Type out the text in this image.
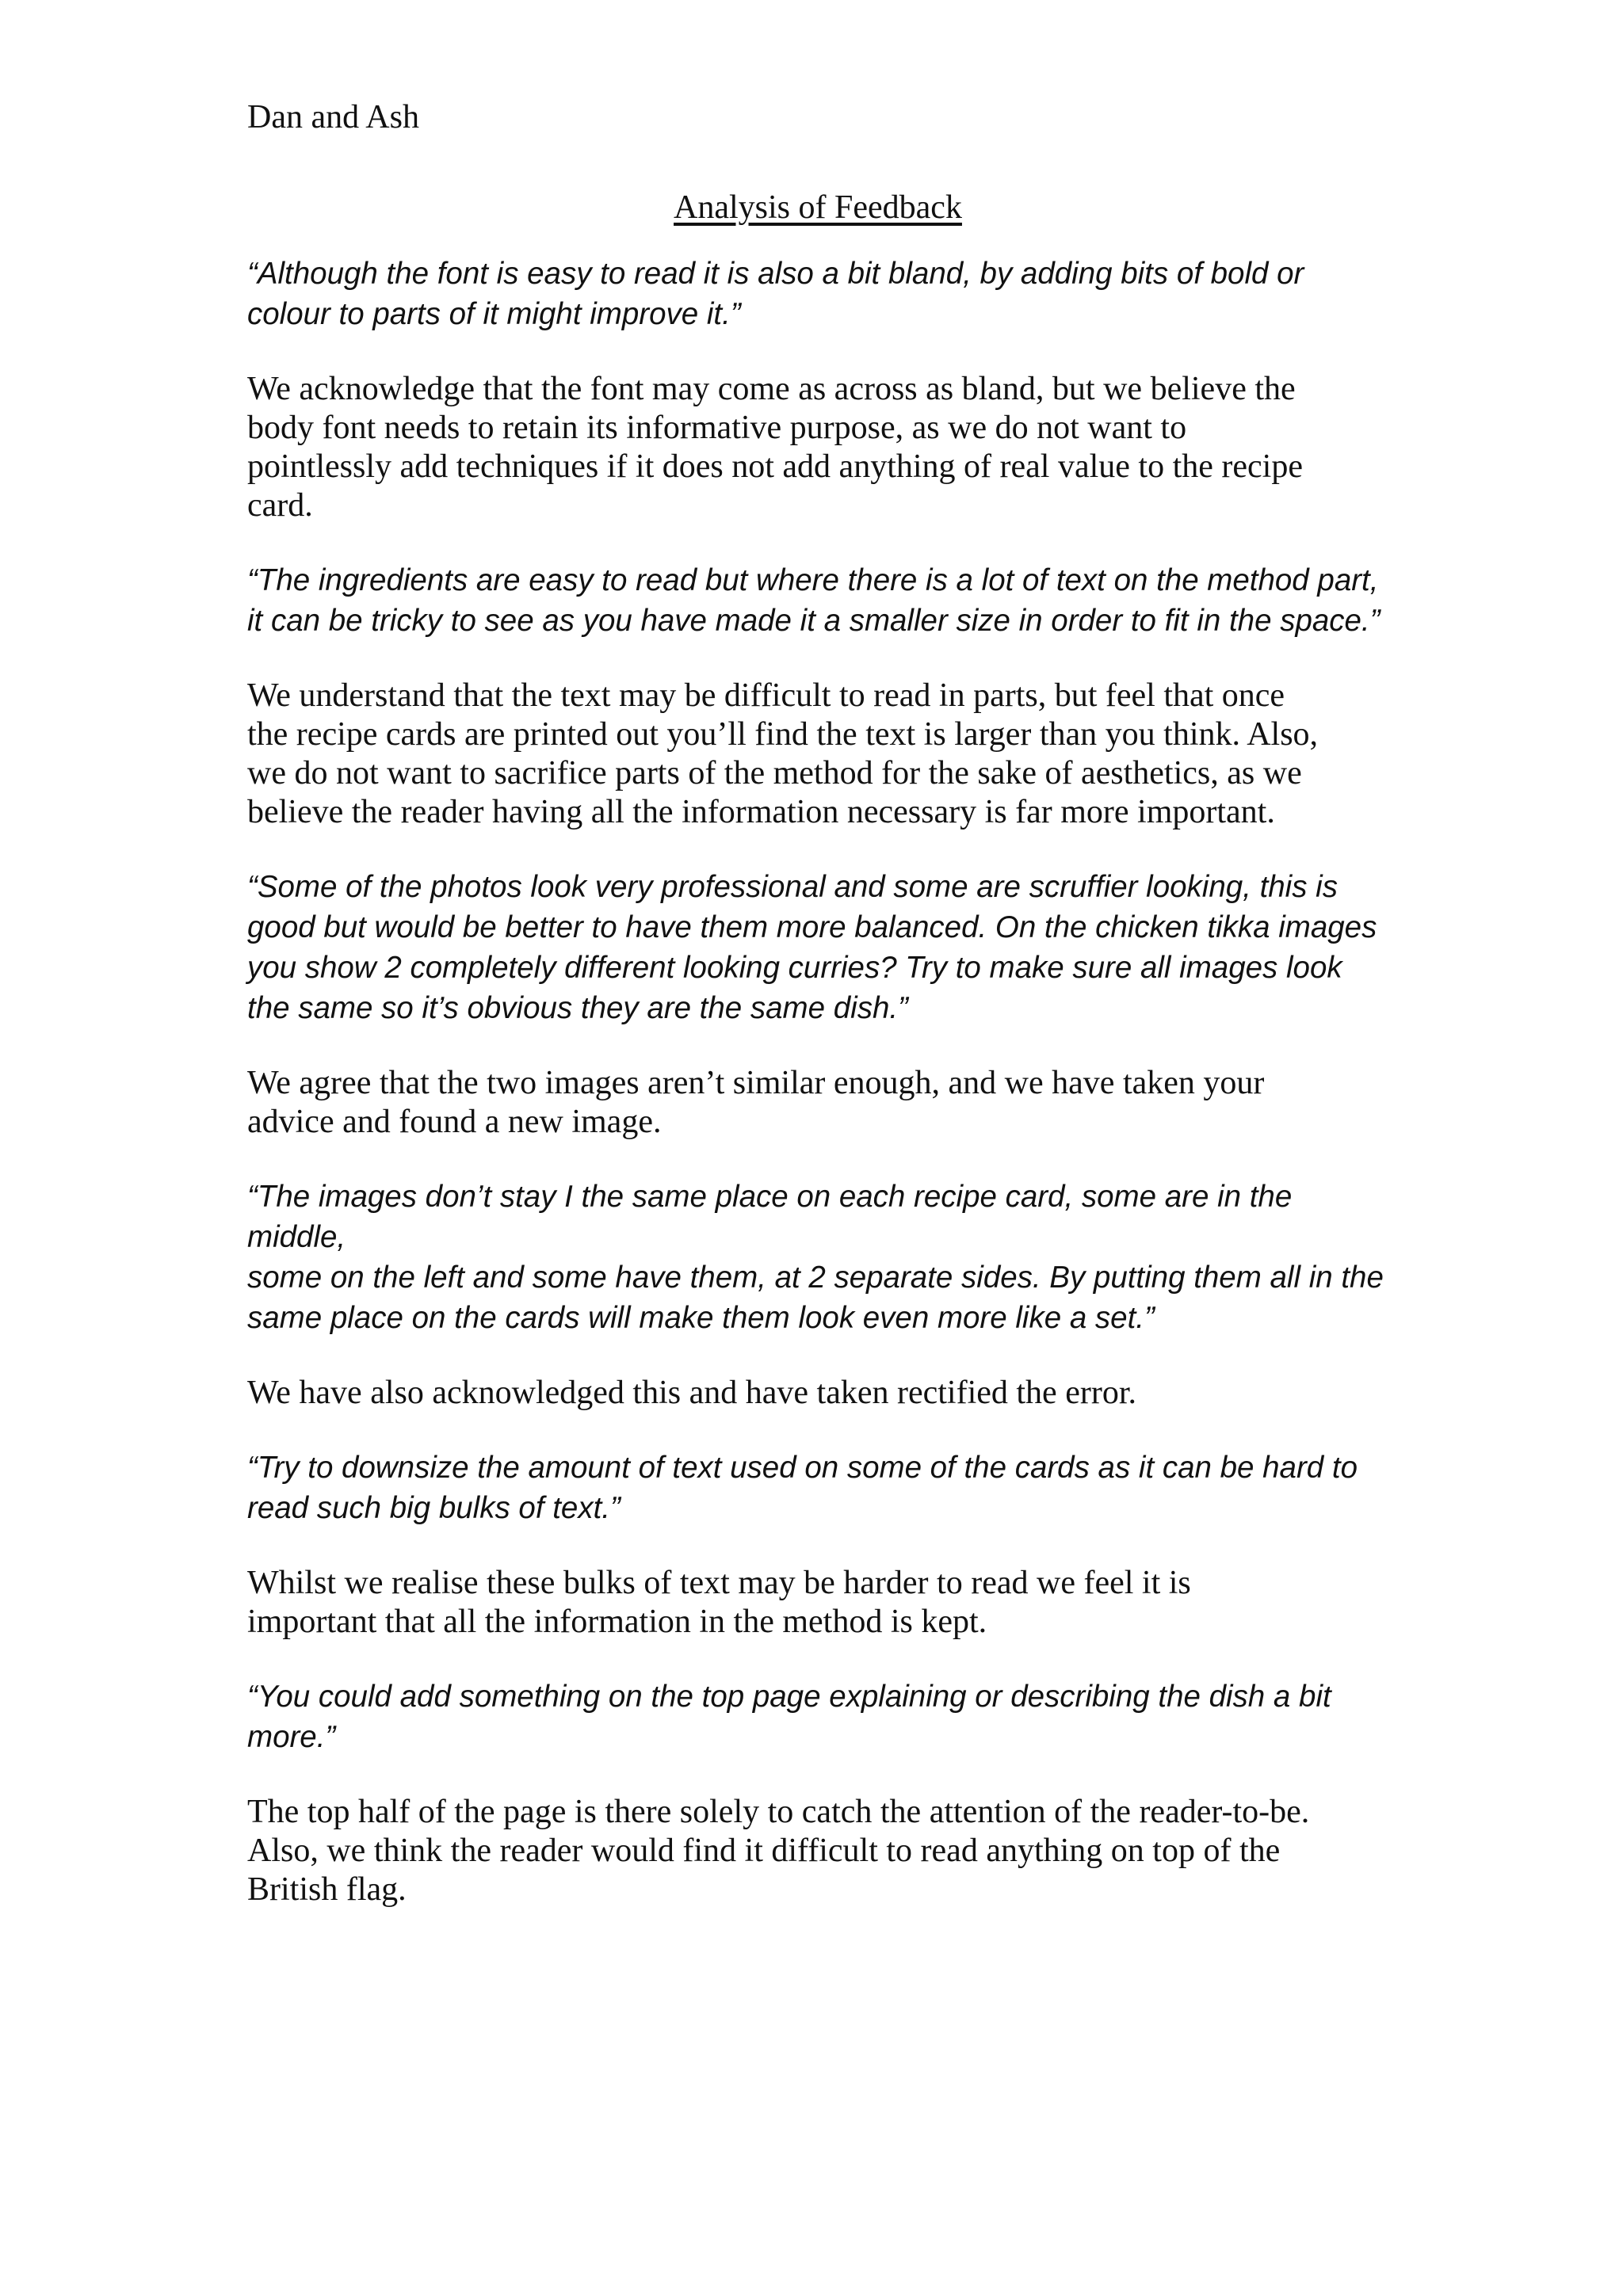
Dan and Ash

Analysis of Feedback

“Although the font is easy to read it is also a bit bland, by adding bits of bold or
colour to parts of it might improve it.”

We acknowledge that the font may come as across as bland, but we believe the
body font needs to retain its informative purpose, as we do not want to
pointlessly add techniques if it does not add anything of real value to the recipe
card.

“The ingredients are easy to read but where there is a lot of text on the method part,
it can be tricky to see as you have made it a smaller size in order to fit in the space.”

We understand that the text may be difficult to read in parts, but feel that once
the recipe cards are printed out you’ll find the text is larger than you think. Also,
we do not want to sacrifice parts of the method for the sake of aesthetics, as we
believe the reader having all the information necessary is far more important.

“Some of the photos look very professional and some are scruffier looking, this is
good but would be better to have them more balanced. On the chicken tikka images
you show 2 completely different looking curries? Try to make sure all images look
the same so it’s obvious they are the same dish.”

We agree that the two images aren’t similar enough, and we have taken your
advice and found a new image.

“The images don’t stay I the same place on each recipe card, some are in the middle,
some on the left and some have them, at 2 separate sides. By putting them all in the
same place on the cards will make them look even more like a set.”

We have also acknowledged this and have taken rectified the error.

“Try to downsize the amount of text used on some of the cards as it can be hard to
read such big bulks of text.”

Whilst we realise these bulks of text may be harder to read we feel it is
important that all the information in the method is kept.

“You could add something on the top page explaining or describing the dish a bit
more.”

The top half of the page is there solely to catch the attention of the reader-to-be.
Also, we think the reader would find it difficult to read anything on top of the
British flag.
